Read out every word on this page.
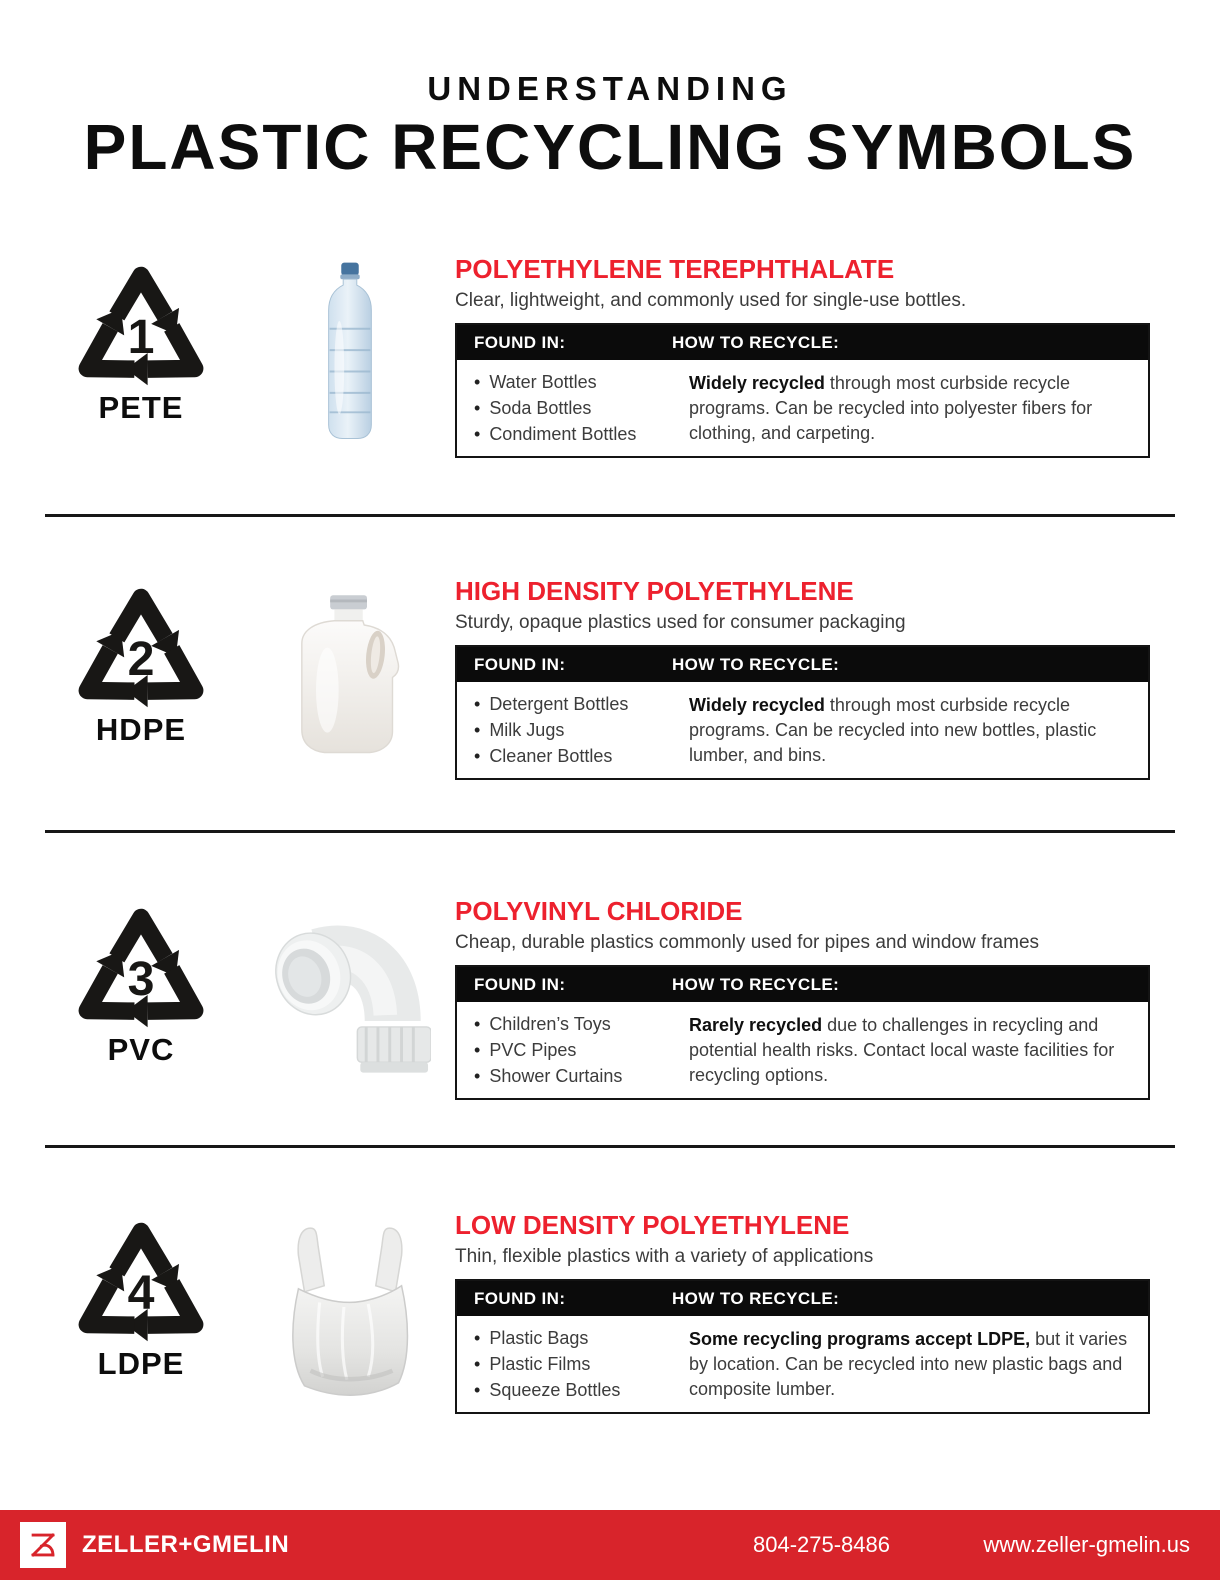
UNDERSTANDING
PLASTIC RECYCLING SYMBOLS
1
PETE
POLYETHYLENE TEREPHTHALATE

Clear, lightweight, and commonly used for single-use bottles.

FOUND IN:	HOW TO RECYCLE:
• Water Bottles
• Soda Bottles
• Condiment Bottles

Widely recycled through most curbside recycle programs. Can be recycled into polyester fibers for clothing, and carpeting.

2
HDPE
HIGH DENSITY POLYETHYLENE

Sturdy, opaque plastics used for consumer packaging

FOUND IN:	HOW TO RECYCLE:
• Detergent Bottles
• Milk Jugs
• Cleaner Bottles

Widely recycled through most curbside recycle programs. Can be recycled into new bottles, plastic lumber, and bins.

3
PVC
POLYVINYL CHLORIDE

Cheap, durable plastics commonly used for pipes and window frames

FOUND IN:	HOW TO RECYCLE:
• Children’s Toys
• PVC Pipes
• Shower Curtains

Rarely recycled due to challenges in recycling and potential health risks. Contact local waste facilities for recycling options.

4
LDPE
LOW DENSITY POLYETHYLENE

Thin, flexible plastics with a variety of applications

FOUND IN:	HOW TO RECYCLE:
• Plastic Bags
• Plastic Films
• Squeeze Bottles

Some recycling programs accept LDPE, but it varies by location. Can be recycled into new plastic bags and composite lumber.

ZELLER+GMELIN	804-275-8486	www.zeller-gmelin.us
